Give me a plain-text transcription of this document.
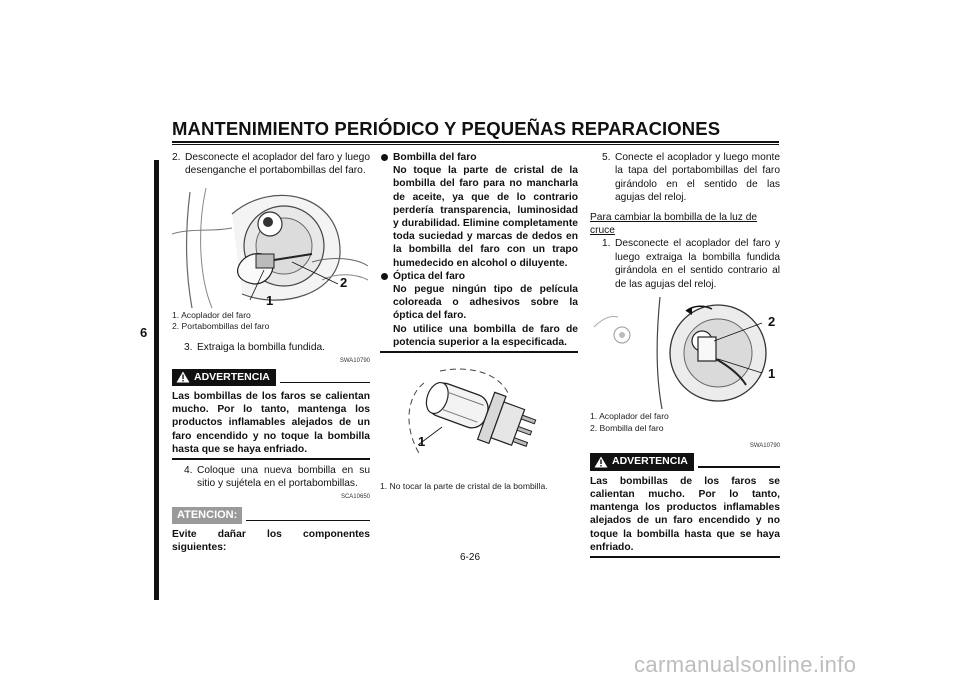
MANTENIMIENTO PERIÓDICO Y PEQUEÑAS REPARACIONES
6
2. Desconecte el acoplador del faro y luego desenganche el portabombillas del faro.
1
2
1. Acoplador del faro
2. Portabombillas del faro
3. Extraiga la bombilla fundida.
SWA10790
ADVERTENCIA
Las bombillas de los faros se calientan mucho. Por lo tanto, mantenga los productos inflamables alejados de un faro encendido y no toque la bombilla hasta que se haya enfriado.
4. Coloque una nueva bombilla en su sitio y sujétela en el portabombillas.
SCA10650
ATENCION:
Evite dañar los componentes siguientes:
Bombilla del faro
No toque la parte de cristal de la bombilla del faro para no mancharla de aceite, ya que de lo contrario perdería transparencia, luminosidad y durabilidad. Elimine completamente toda suciedad y marcas de dedos en la bombilla del faro con un trapo humedecido en alcohol o diluyente.
Óptica del faro
No pegue ningún tipo de película coloreada o adhesivos sobre la óptica del faro.
No utilice una bombilla de faro de potencia superior a la especificada.
1
1. No tocar la parte de cristal de la bombilla.
5. Conecte el acoplador y luego monte la tapa del portabombillas del faro girándolo en el sentido de las agujas del reloj.
Para cambiar la bombilla de la luz de cruce
1. Desconecte el acoplador del faro y luego extraiga la bombilla fundida girándola en el sentido contrario al de las agujas del reloj.
2
1
1. Acoplador del faro
2. Bombilla del faro
SWA10790
ADVERTENCIA
Las bombillas de los faros se calientan mucho. Por lo tanto, mantenga los productos inflamables alejados de un faro encendido y no toque la bombilla hasta que se haya enfriado.
6-26
carmanualsonline.info
